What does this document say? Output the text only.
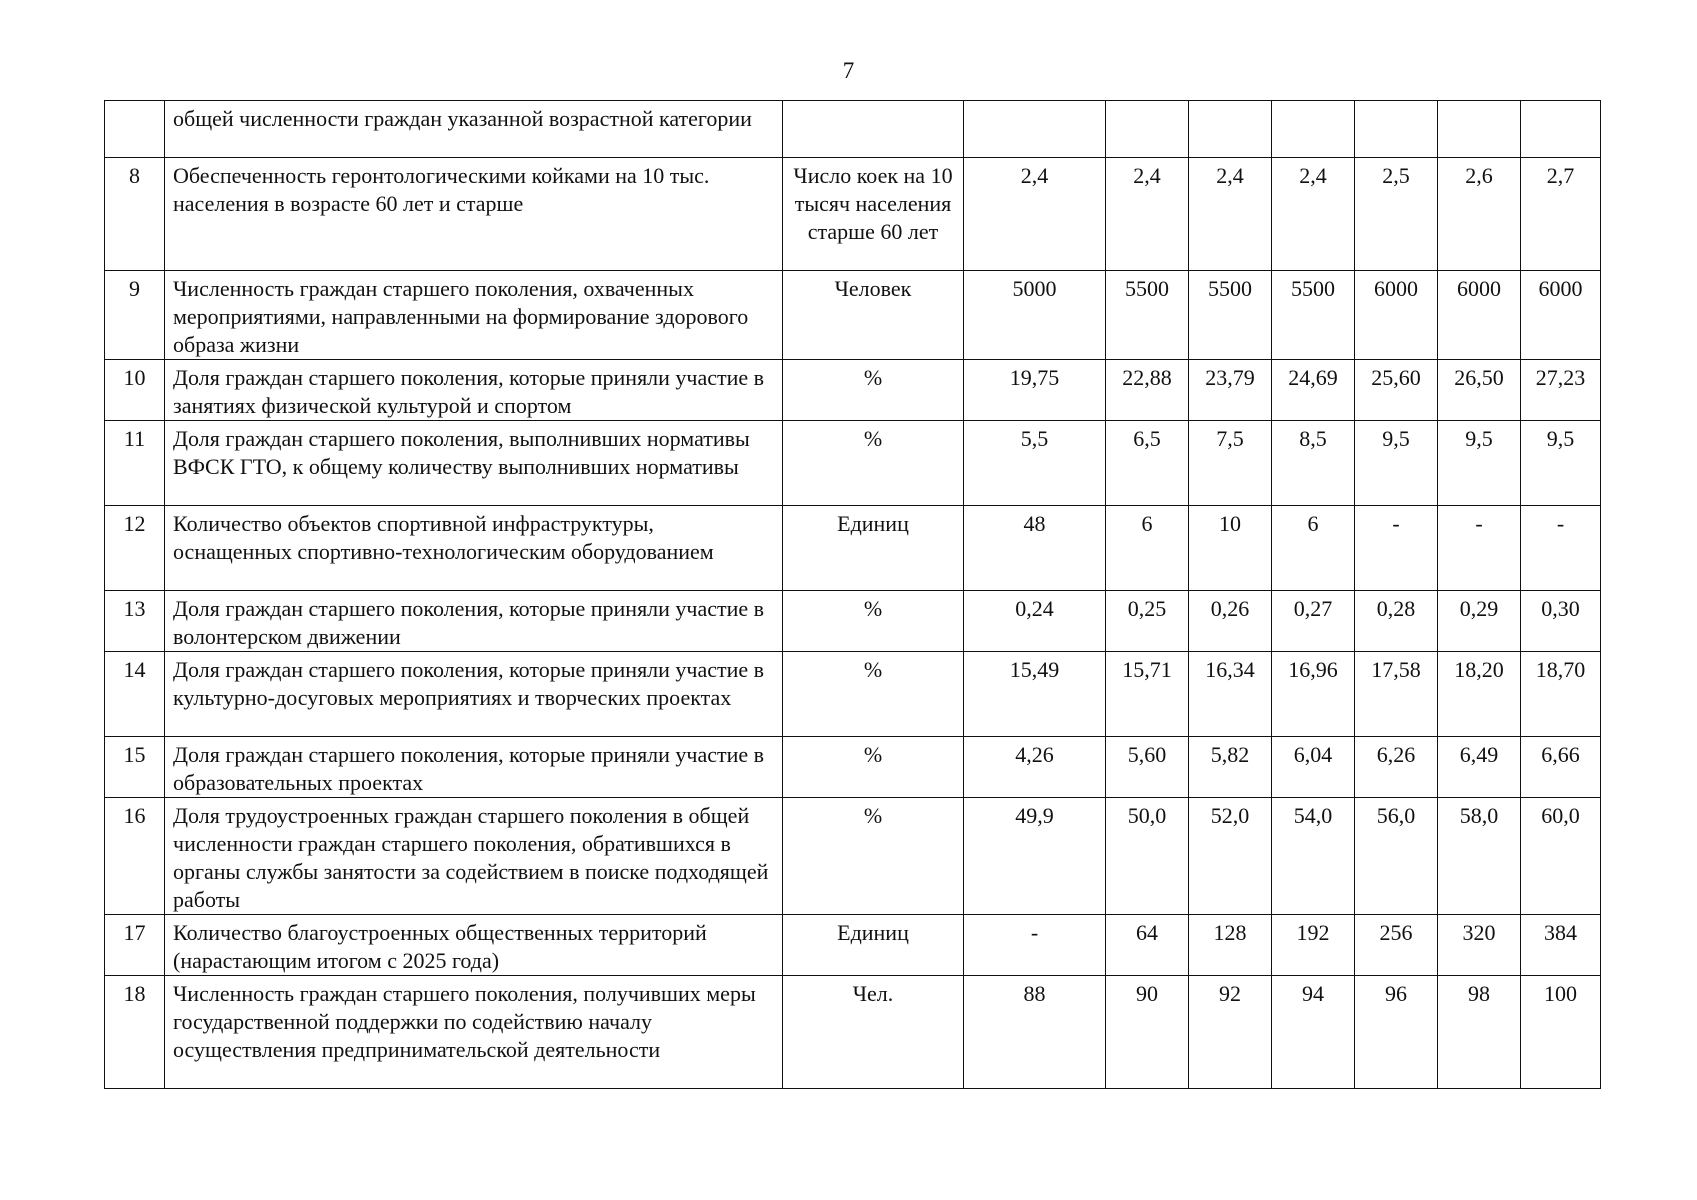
7
	общей численности граждан указанной возрастной категории								
8	Обеспеченность геронтологическими койками на 10 тыс. населения в возрасте 60 лет и старше	Число коек на 10 тысяч населения старше 60 лет	2,4	2,4	2,4	2,4	2,5	2,6	2,7
9	Численность граждан старшего поколения, охваченных мероприятиями, направленными на формирование здорового образа жизни	Человек	5000	5500	5500	5500	6000	6000	6000
10	Доля граждан старшего поколения, которые приняли участие в занятиях физической культурой и спортом	%	19,75	22,88	23,79	24,69	25,60	26,50	27,23
11	Доля граждан старшего поколения, выполнивших нормативы ВФСК ГТО, к общему количеству выполнивших нормативы	%	5,5	6,5	7,5	8,5	9,5	9,5	9,5
12	Количество объектов спортивной инфраструктуры, оснащенных спортивно-технологическим оборудованием	Единиц	48	6	10	6	-	-	-
13	Доля граждан старшего поколения, которые приняли участие в волонтерском движении	%	0,24	0,25	0,26	0,27	0,28	0,29	0,30
14	Доля граждан старшего поколения, которые приняли участие в культурно-досуговых мероприятиях и творческих проектах	%	15,49	15,71	16,34	16,96	17,58	18,20	18,70
15	Доля граждан старшего поколения, которые приняли участие в образовательных проектах	%	4,26	5,60	5,82	6,04	6,26	6,49	6,66
16	Доля трудоустроенных граждан старшего поколения в общей численности граждан старшего поколения, обратившихся в органы службы занятости за содействием в поиске подходящей работы	%	49,9	50,0	52,0	54,0	56,0	58,0	60,0
17	Количество благоустроенных общественных территорий (нарастающим итогом с 2025 года)	Единиц	-	64	128	192	256	320	384
18	Численность граждан старшего поколения, получивших меры государственной поддержки по содействию началу осуществления предпринимательской деятельности	Чел.	88	90	92	94	96	98	100
